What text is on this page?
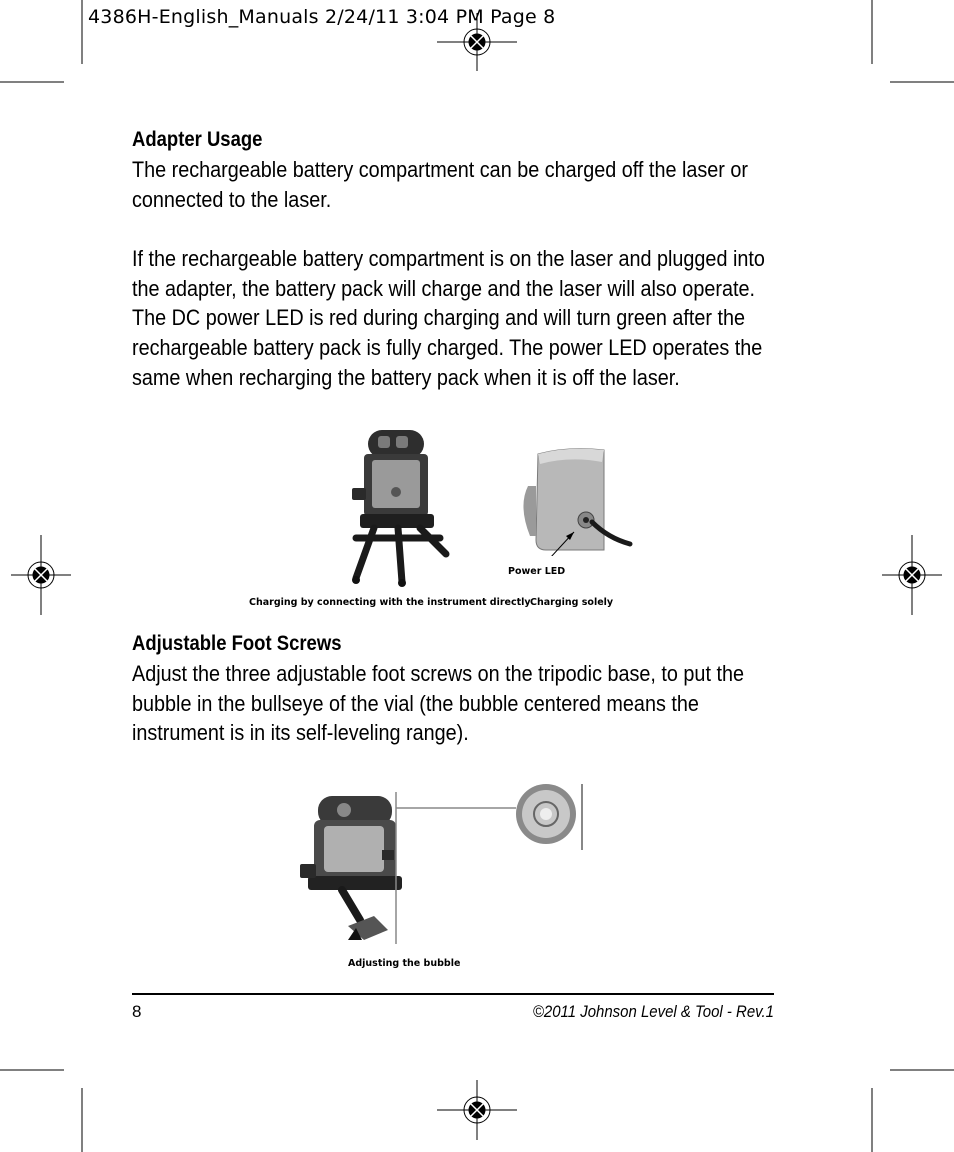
4386H-English_Manuals 2/24/11 3:04 PM Page 8
Adapter Usage
The rechargeable battery compartment can be charged off the laser or connected to the laser.
If the rechargeable battery compartment is on the laser and plugged into the adapter, the battery pack will charge and the laser will also operate. The DC power LED is red during charging and will turn green after the rechargeable battery pack is fully charged. The power LED operates the same when recharging the battery pack when it is off the laser.
Power LED
Charging by connecting with the instrument directly Charging solely
Adjustable Foot Screws
Adjust the three adjustable foot screws on the tripodic base, to put the bubble in the bullseye of the vial (the bubble centered means the instrument is in its self-leveling range).
Adjusting the bubble
8	©2011 Johnson Level & Tool - Rev.1
